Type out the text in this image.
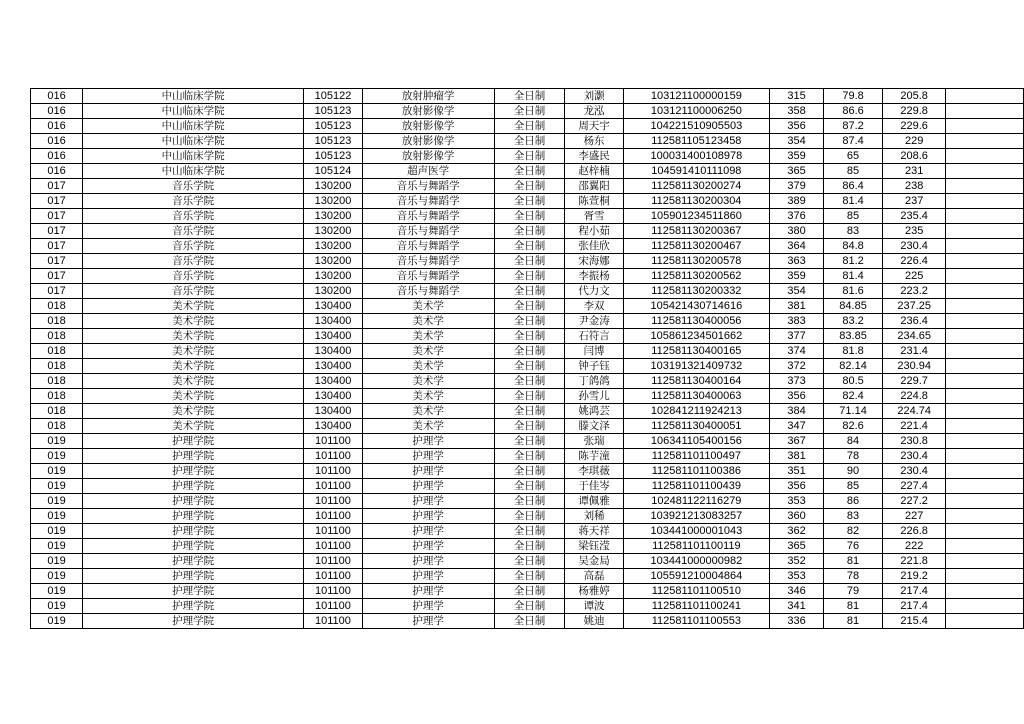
016	中山临床学院	105122	放射肿瘤学	全日制	刘灏	103121100000159	315	79.8	205.8	
016	中山临床学院	105123	放射影像学	全日制	龙泓	103121100006250	358	86.6	229.8	
016	中山临床学院	105123	放射影像学	全日制	周天宇	104221510905503	356	87.2	229.6	
016	中山临床学院	105123	放射影像学	全日制	杨东	112581105123458	354	87.4	229	
016	中山临床学院	105123	放射影像学	全日制	李盛民	100031400108978	359	65	208.6	
016	中山临床学院	105124	超声医学	全日制	赵梓楠	104591410111098	365	85	231	
017	音乐学院	130200	音乐与舞蹈学	全日制	邵翼阳	112581130200274	379	86.4	238	
017	音乐学院	130200	音乐与舞蹈学	全日制	陈萱桐	112581130200304	389	81.4	237	
017	音乐学院	130200	音乐与舞蹈学	全日制	胥雪	105901234511860	376	85	235.4	
017	音乐学院	130200	音乐与舞蹈学	全日制	程小茹	112581130200367	380	83	235	
017	音乐学院	130200	音乐与舞蹈学	全日制	张佳欣	112581130200467	364	84.8	230.4	
017	音乐学院	130200	音乐与舞蹈学	全日制	宋海娜	112581130200578	363	81.2	226.4	
017	音乐学院	130200	音乐与舞蹈学	全日制	李振杨	112581130200562	359	81.4	225	
017	音乐学院	130200	音乐与舞蹈学	全日制	代力文	112581130200332	354	81.6	223.2	
018	美术学院	130400	美术学	全日制	李双	105421430714616	381	84.85	237.25	
018	美术学院	130400	美术学	全日制	尹金涛	112581130400056	383	83.2	236.4	
018	美术学院	130400	美术学	全日制	石符言	105861234501662	377	83.85	234.65	
018	美术学院	130400	美术学	全日制	闫博	112581130400165	374	81.8	231.4	
018	美术学院	130400	美术学	全日制	钟子钰	103191321409732	372	82.14	230.94	
018	美术学院	130400	美术学	全日制	丁鸽鸽	112581130400164	373	80.5	229.7	
018	美术学院	130400	美术学	全日制	孙雪儿	112581130400063	356	82.4	224.8	
018	美术学院	130400	美术学	全日制	姚鸿芸	102841211924213	384	71.14	224.74	
018	美术学院	130400	美术学	全日制	滕文泽	112581130400051	347	82.6	221.4	
019	护理学院	101100	护理学	全日制	张瑞	106341105400156	367	84	230.8	
019	护理学院	101100	护理学	全日制	陈芋潼	112581101100497	381	78	230.4	
019	护理学院	101100	护理学	全日制	李琪薇	112581101100386	351	90	230.4	
019	护理学院	101100	护理学	全日制	于佳岑	112581101100439	356	85	227.4	
019	护理学院	101100	护理学	全日制	谭佩雅	102481122116279	353	86	227.2	
019	护理学院	101100	护理学	全日制	刘稀	103921213083257	360	83	227	
019	护理学院	101100	护理学	全日制	蒋天祥	103441000001043	362	82	226.8	
019	护理学院	101100	护理学	全日制	梁钰滢	112581101100119	365	76	222	
019	护理学院	101100	护理学	全日制	吴金局	103441000000982	352	81	221.8	
019	护理学院	101100	护理学	全日制	高磊	105591210004864	353	78	219.2	
019	护理学院	101100	护理学	全日制	杨雅婷	112581101100510	346	79	217.4	
019	护理学院	101100	护理学	全日制	谭波	112581101100241	341	81	217.4	
019	护理学院	101100	护理学	全日制	姚迪	112581101100553	336	81	215.4	
